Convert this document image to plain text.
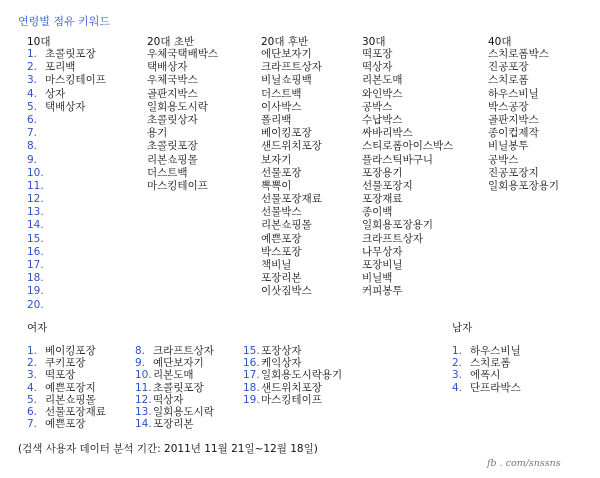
연령별 점유 키워드
10대
1. 초콜릿포장
2. 포리백
3. 마스킹테이프
4. 상자
5. 택배상자
6.
7.
8.
9.
10.
11.
12.
13.
14.
15.
16.
17.
18.
19.
20.
20대 초반
우체국택배박스
택배상자
우체국박스
골판지박스
일회용도시락
초콜릿상자
용기
초콜릿포장
리본쇼핑몰
더스트백
마스킹테이프
20대 후반
에단보자기
크라프트상자
비닐쇼핑백
더스트백
이사박스
폴리백
베이킹포장
샌드위치포장
보자기
선물포장
뽁뽁이
선물포장재료
선물박스
리본쇼핑몰
예쁜포장
박스포장
책비닐
포장리본
이삿짐박스
30대
떡포장
떡상자
리본도매
와인박스
공박스
수납박스
싸바리박스
스티로폼아이스박스
플라스틱바구니
포장용기
선물포장지
포장재료
종이백
일회용포장용기
크라프트상자
나무상자
포장비닐
비닐백
커피봉투
40대
스치로폼박스
진공포장
스치로폼
하우스비닐
박스공장
골판지박스
종이컵제작
비닐봉투
공박스
진공포장지
일회용포장용기
여자
1. 베이킹포장
2. 쿠키포장
3. 떡포장
4. 예쁜포장지
5. 리본쇼핑몰
6. 선물포장재료
7. 예쁜포장
8. 크라프트상자
9. 예단보자기
10.리본도매
11.초콜릿포장
12.떡상자
13.일회용도시락
14.포장리본
15.포장상자
16.케익상자
17.일회용도시락용기
18.샌드위치포장
19.마스킹테이프
남자
1. 하우스비닐
2. 스치로폼
3. 에폭시
4. 단프라박스
(검색 사용자 데이터 분석 기간: 2011년 11월 21일~12월 18일)
fb . com/snssns
